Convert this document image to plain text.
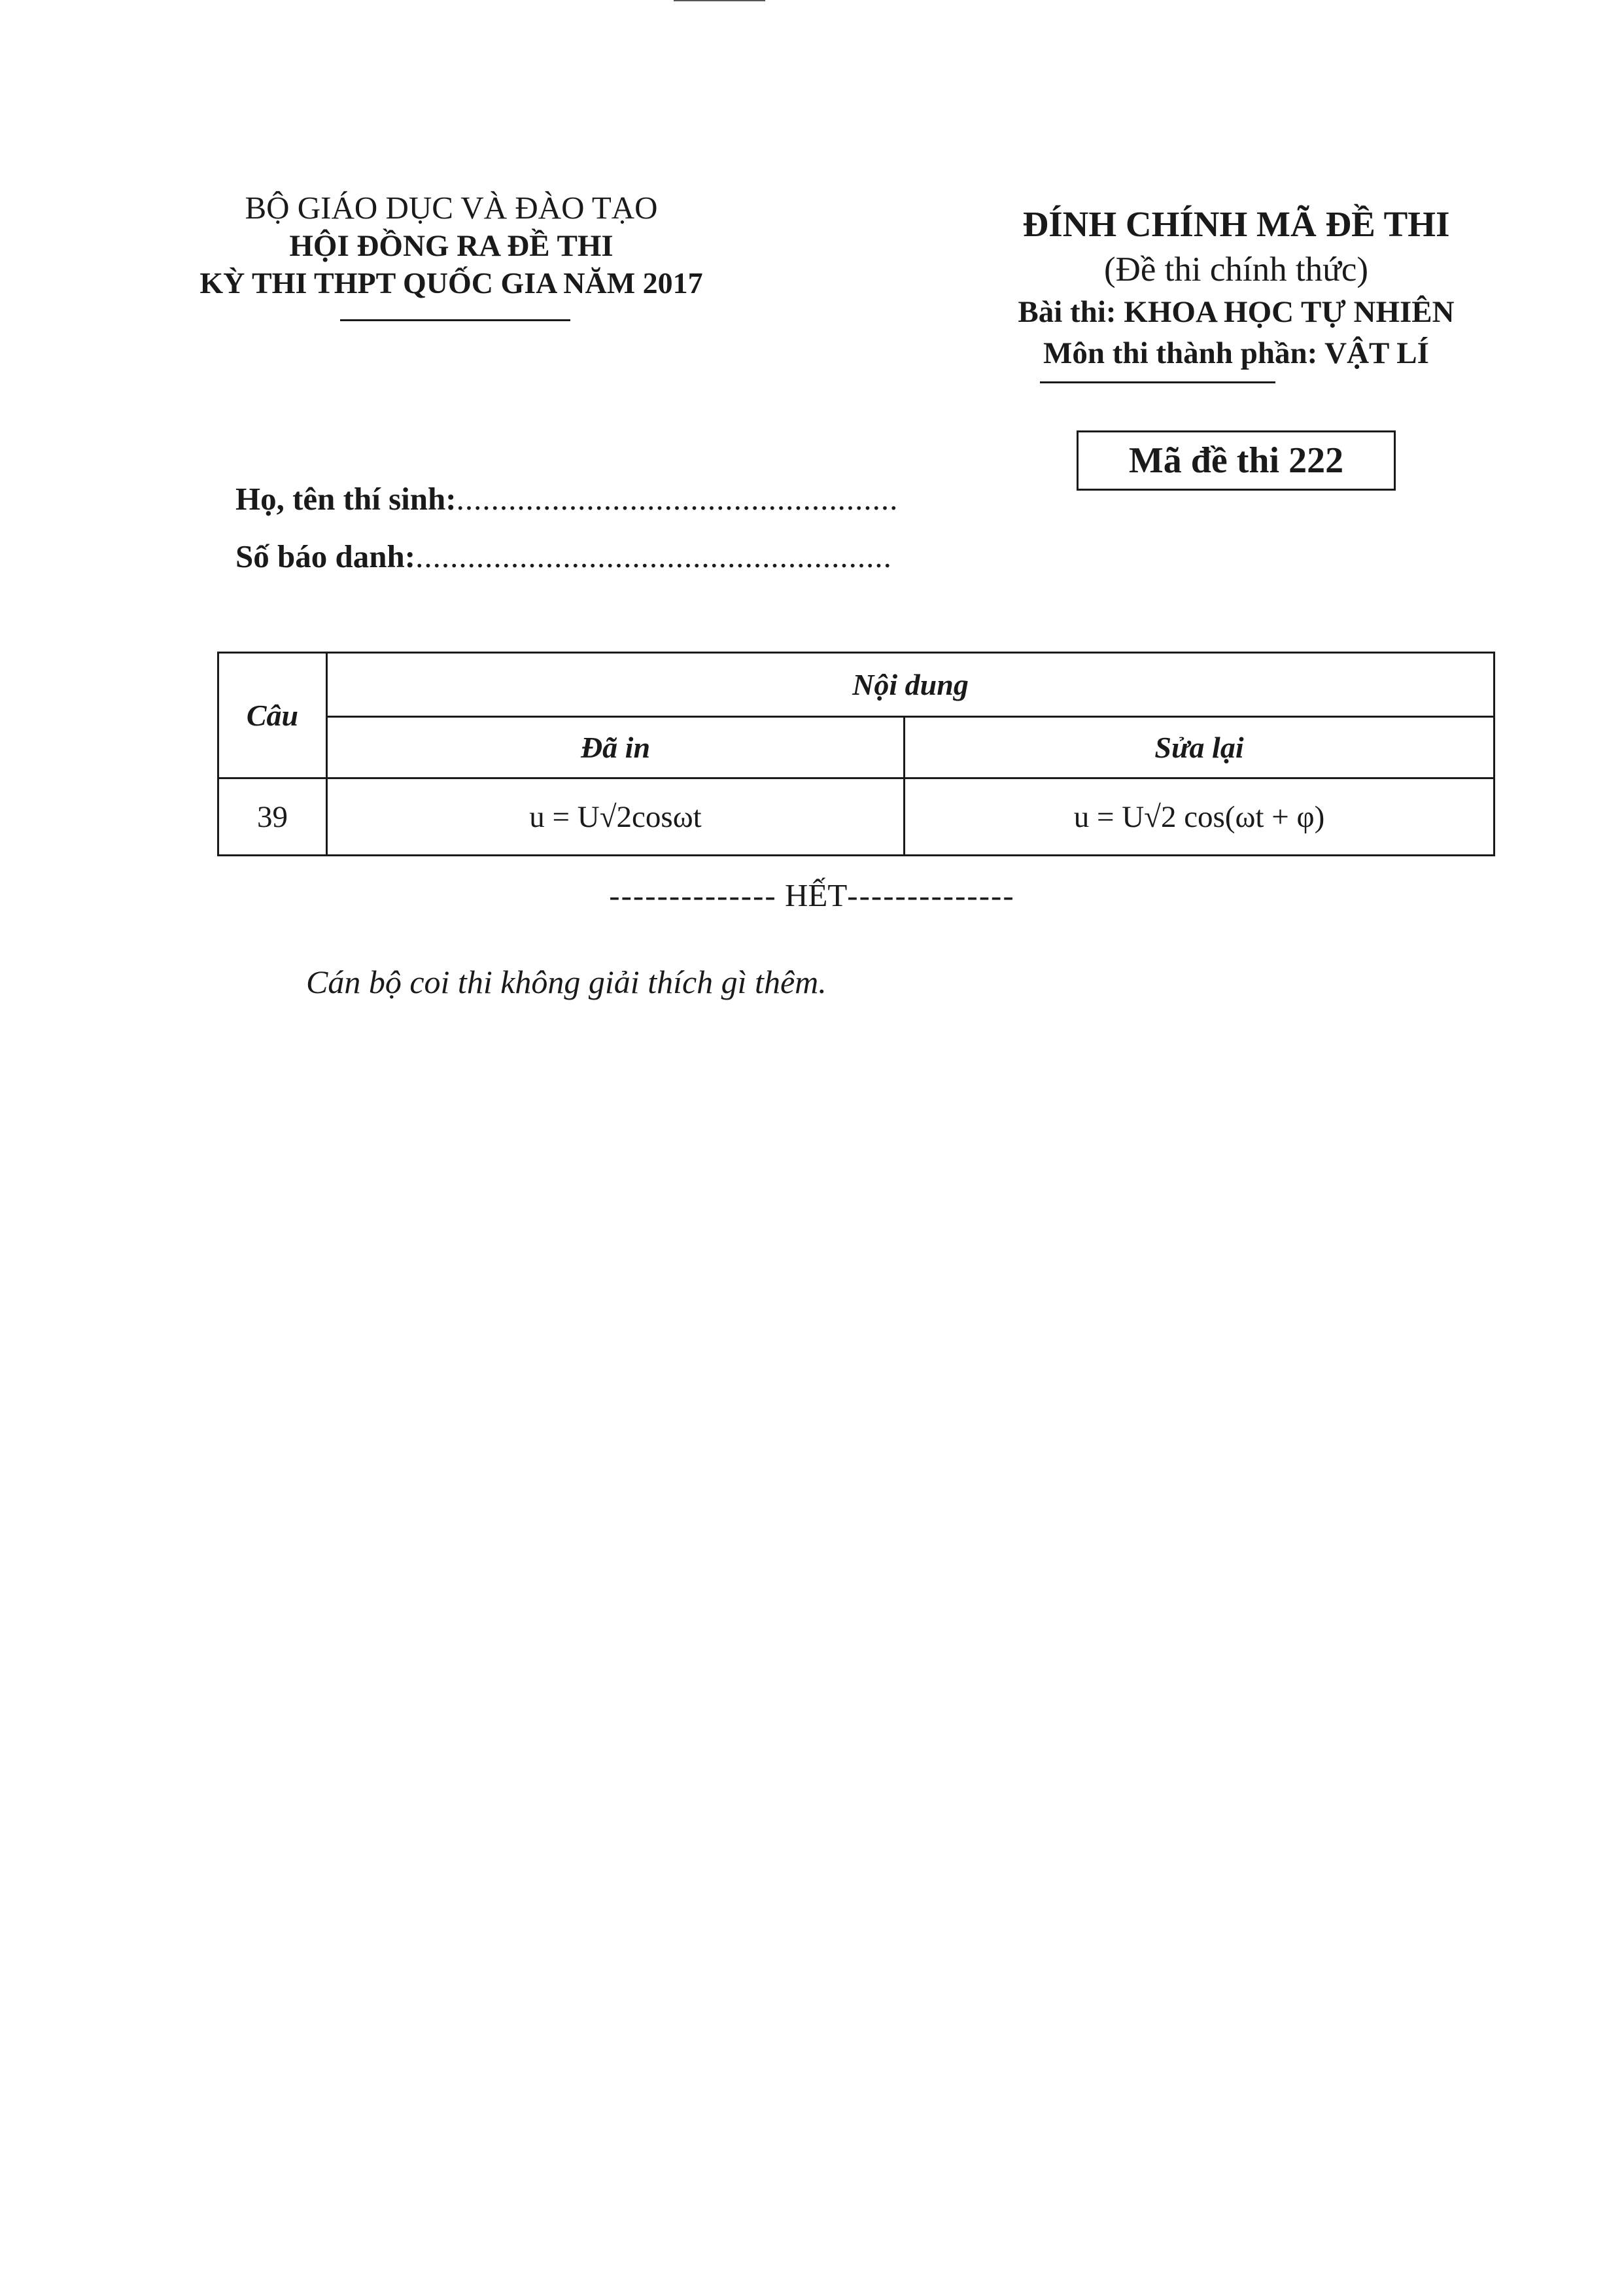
BỘ GIÁO DỤC VÀ ĐÀO TẠO
HỘI ĐỒNG RA ĐỀ THI
KỲ THI THPT QUỐC GIA NĂM 2017
ĐÍNH CHÍNH MÃ ĐỀ THI
(Đề thi chính thức)
Bài thi: KHOA HỌC TỰ NHIÊN
Môn thi thành phần: VẬT LÍ
Mã đề thi 222
Họ, tên thí sinh:...................................................
Số báo danh:.......................................................
Câu	Nội dung	
	Đã in	Sửa lại
39	u = U√2cosωt	u = U√2 cos(ωt + φ)
-------------- HẾT--------------
Cán bộ coi thi không giải thích gì thêm.
